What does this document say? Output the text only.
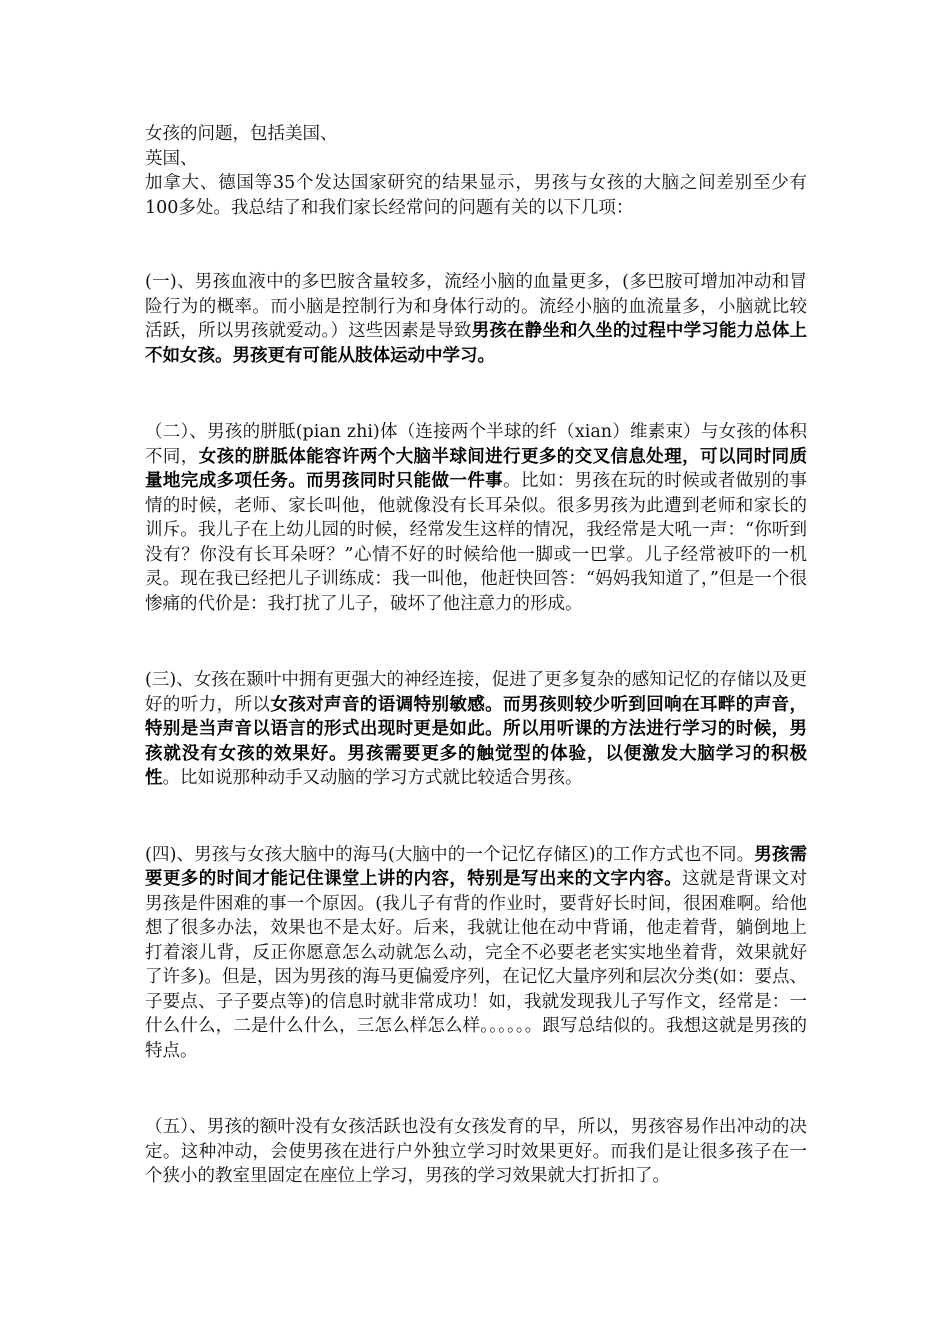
女孩的问题，包括美国、

英国、

加拿大、德国等35个发达国家研究的结果显示，男孩与女孩的大脑之间差别至少有100多处。我总结了和我们家长经常问的问题有关的以下几项：

(一)、男孩血液中的多巴胺含量较多，流经小脑的血量更多，(多巴胺可增加冲动和冒险行为的概率。而小脑是控制行为和身体行动的。流经小脑的血流量多，小脑就比较活跃，所以男孩就爱动。）这些因素是导致男孩在静坐和久坐的过程中学习能力总体上不如女孩。男孩更有可能从肢体运动中学习。

（二）、男孩的胼胝(pian zhi)体（连接两个半球的纤（xian）维素束）与女孩的体积不同，女孩的胼胝体能容许两个大脑半球间进行更多的交叉信息处理，可以同时同质量地完成多项任务。而男孩同时只能做一件事。比如：男孩在玩的时候或者做别的事情的时候，老师、家长叫他，他就像没有长耳朵似。很多男孩为此遭到老师和家长的训斥。我儿子在上幼儿园的时候，经常发生这样的情况，我经常是大吼一声：“你听到没有？你没有长耳朵呀？”心情不好的时候给他一脚或一巴掌。儿子经常被吓的一机灵。现在我已经把儿子训练成：我一叫他，他赶快回答：“妈妈我知道了，”但是一个很惨痛的代价是：我打扰了儿子，破坏了他注意力的形成。

(三)、女孩在颞叶中拥有更强大的神经连接，促进了更多复杂的感知记忆的存储以及更好的听力，所以女孩对声音的语调特别敏感。而男孩则较少听到回响在耳畔的声音，特别是当声音以语言的形式出现时更是如此。所以用听课的方法进行学习的时候，男孩就没有女孩的效果好。男孩需要更多的触觉型的体验，以便激发大脑学习的积极性。比如说那种动手又动脑的学习方式就比较适合男孩。

(四)、男孩与女孩大脑中的海马(大脑中的一个记忆存储区)的工作方式也不同。男孩需要更多的时间才能记住课堂上讲的内容，特别是写出来的文字内容。这就是背课文对男孩是件困难的事一个原因。(我儿子有背的作业时，要背好长时间，很困难啊。给他想了很多办法，效果也不是太好。后来，我就让他在动中背诵，他走着背，躺倒地上打着滚儿背，反正你愿意怎么动就怎么动，完全不必要老老实实地坐着背，效果就好了许多)。但是，因为男孩的海马更偏爱序列，在记忆大量序列和层次分类(如：要点、子要点、子子要点等)的信息时就非常成功！如，我就发现我儿子写作文，经常是：一什么什么，二是什么什么，三怎么样怎么样。。。。。。跟写总结似的。我想这就是男孩的特点。

（五）、男孩的额叶没有女孩活跃也没有女孩发育的早，所以，男孩容易作出冲动的决定。这种冲动，会使男孩在进行户外独立学习时效果更好。而我们是让很多孩子在一个狭小的教室里固定在座位上学习，男孩的学习效果就大打折扣了。
